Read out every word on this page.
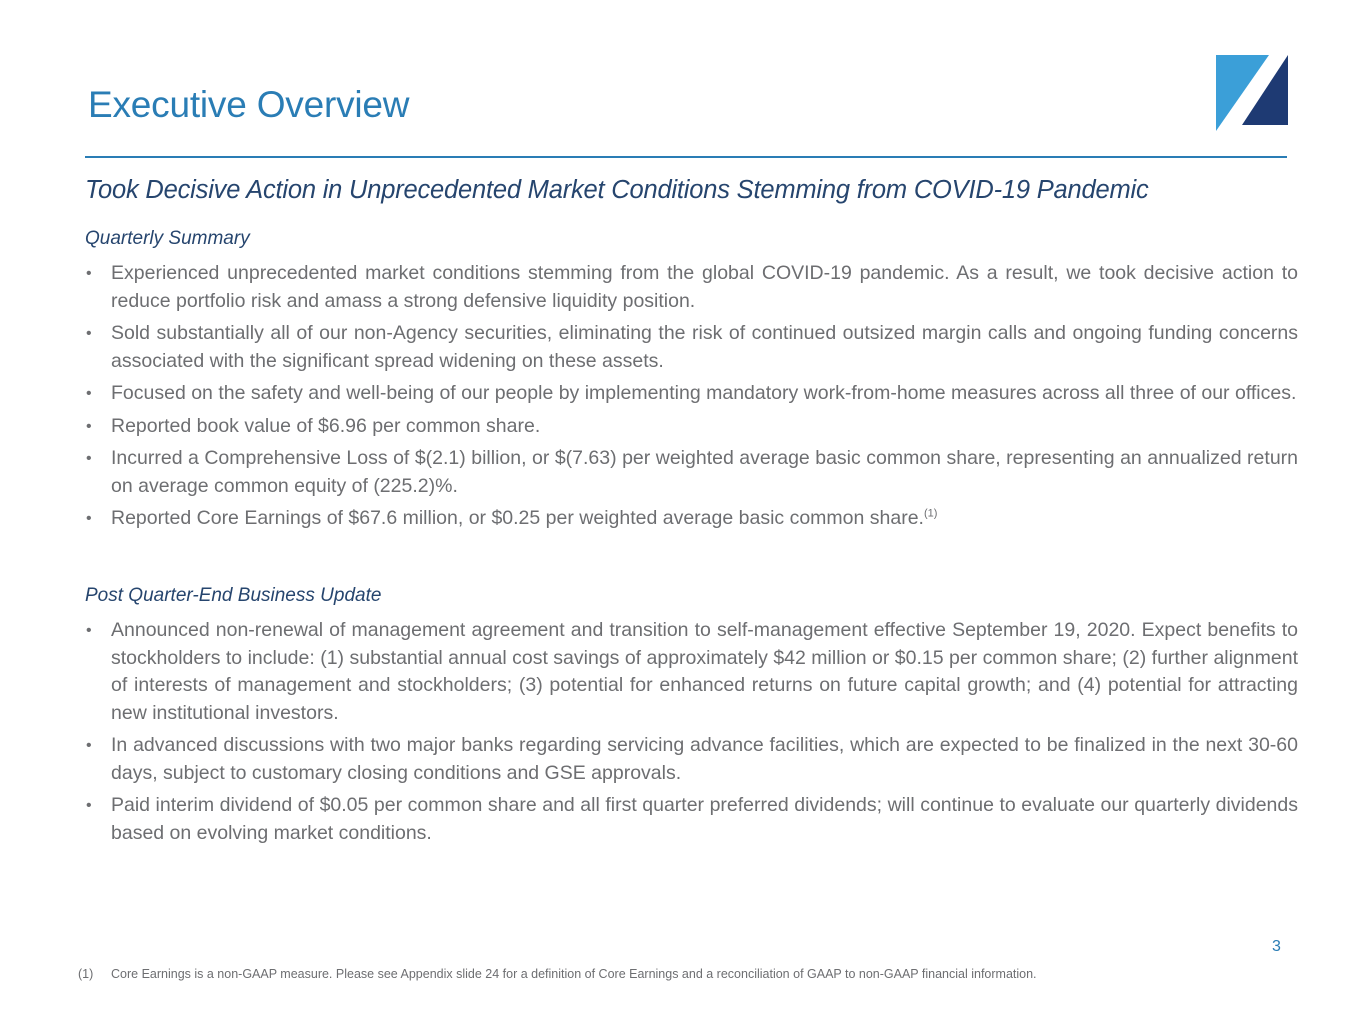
Executive Overview
Took Decisive Action in Unprecedented Market Conditions Stemming from COVID-19 Pandemic
Quarterly Summary
• Experienced unprecedented market conditions stemming from the global COVID-19 pandemic. As a result, we took decisive action to reduce portfolio risk and amass a strong defensive liquidity position.
• Sold substantially all of our non-Agency securities, eliminating the risk of continued outsized margin calls and ongoing funding concerns associated with the significant spread widening on these assets.
• Focused on the safety and well-being of our people by implementing mandatory work-from-home measures across all three of our offices.
• Reported book value of $6.96 per common share.
• Incurred a Comprehensive Loss of $(2.1) billion, or $(7.63) per weighted average basic common share, representing an annualized return on average common equity of (225.2)%.
• Reported Core Earnings of $67.6 million, or $0.25 per weighted average basic common share.$^{(1)}$
Post Quarter-End Business Update
• Announced non-renewal of management agreement and transition to self-management effective September 19, 2020. Expect benefits to stockholders to include: (1) substantial annual cost savings of approximately $42 million or $0.15 per common share; (2) further alignment of interests of management and stockholders; (3) potential for enhanced returns on future capital growth; and (4) potential for attracting new institutional investors.
• In advanced discussions with two major banks regarding servicing advance facilities, which are expected to be finalized in the next 30-60 days, subject to customary closing conditions and GSE approvals.
• Paid interim dividend of $0.05 per common share and all first quarter preferred dividends; will continue to evaluate our quarterly dividends based on evolving market conditions.
3
(1) Core Earnings is a non-GAAP measure. Please see Appendix slide 24 for a definition of Core Earnings and a reconciliation of GAAP to non-GAAP financial information.
